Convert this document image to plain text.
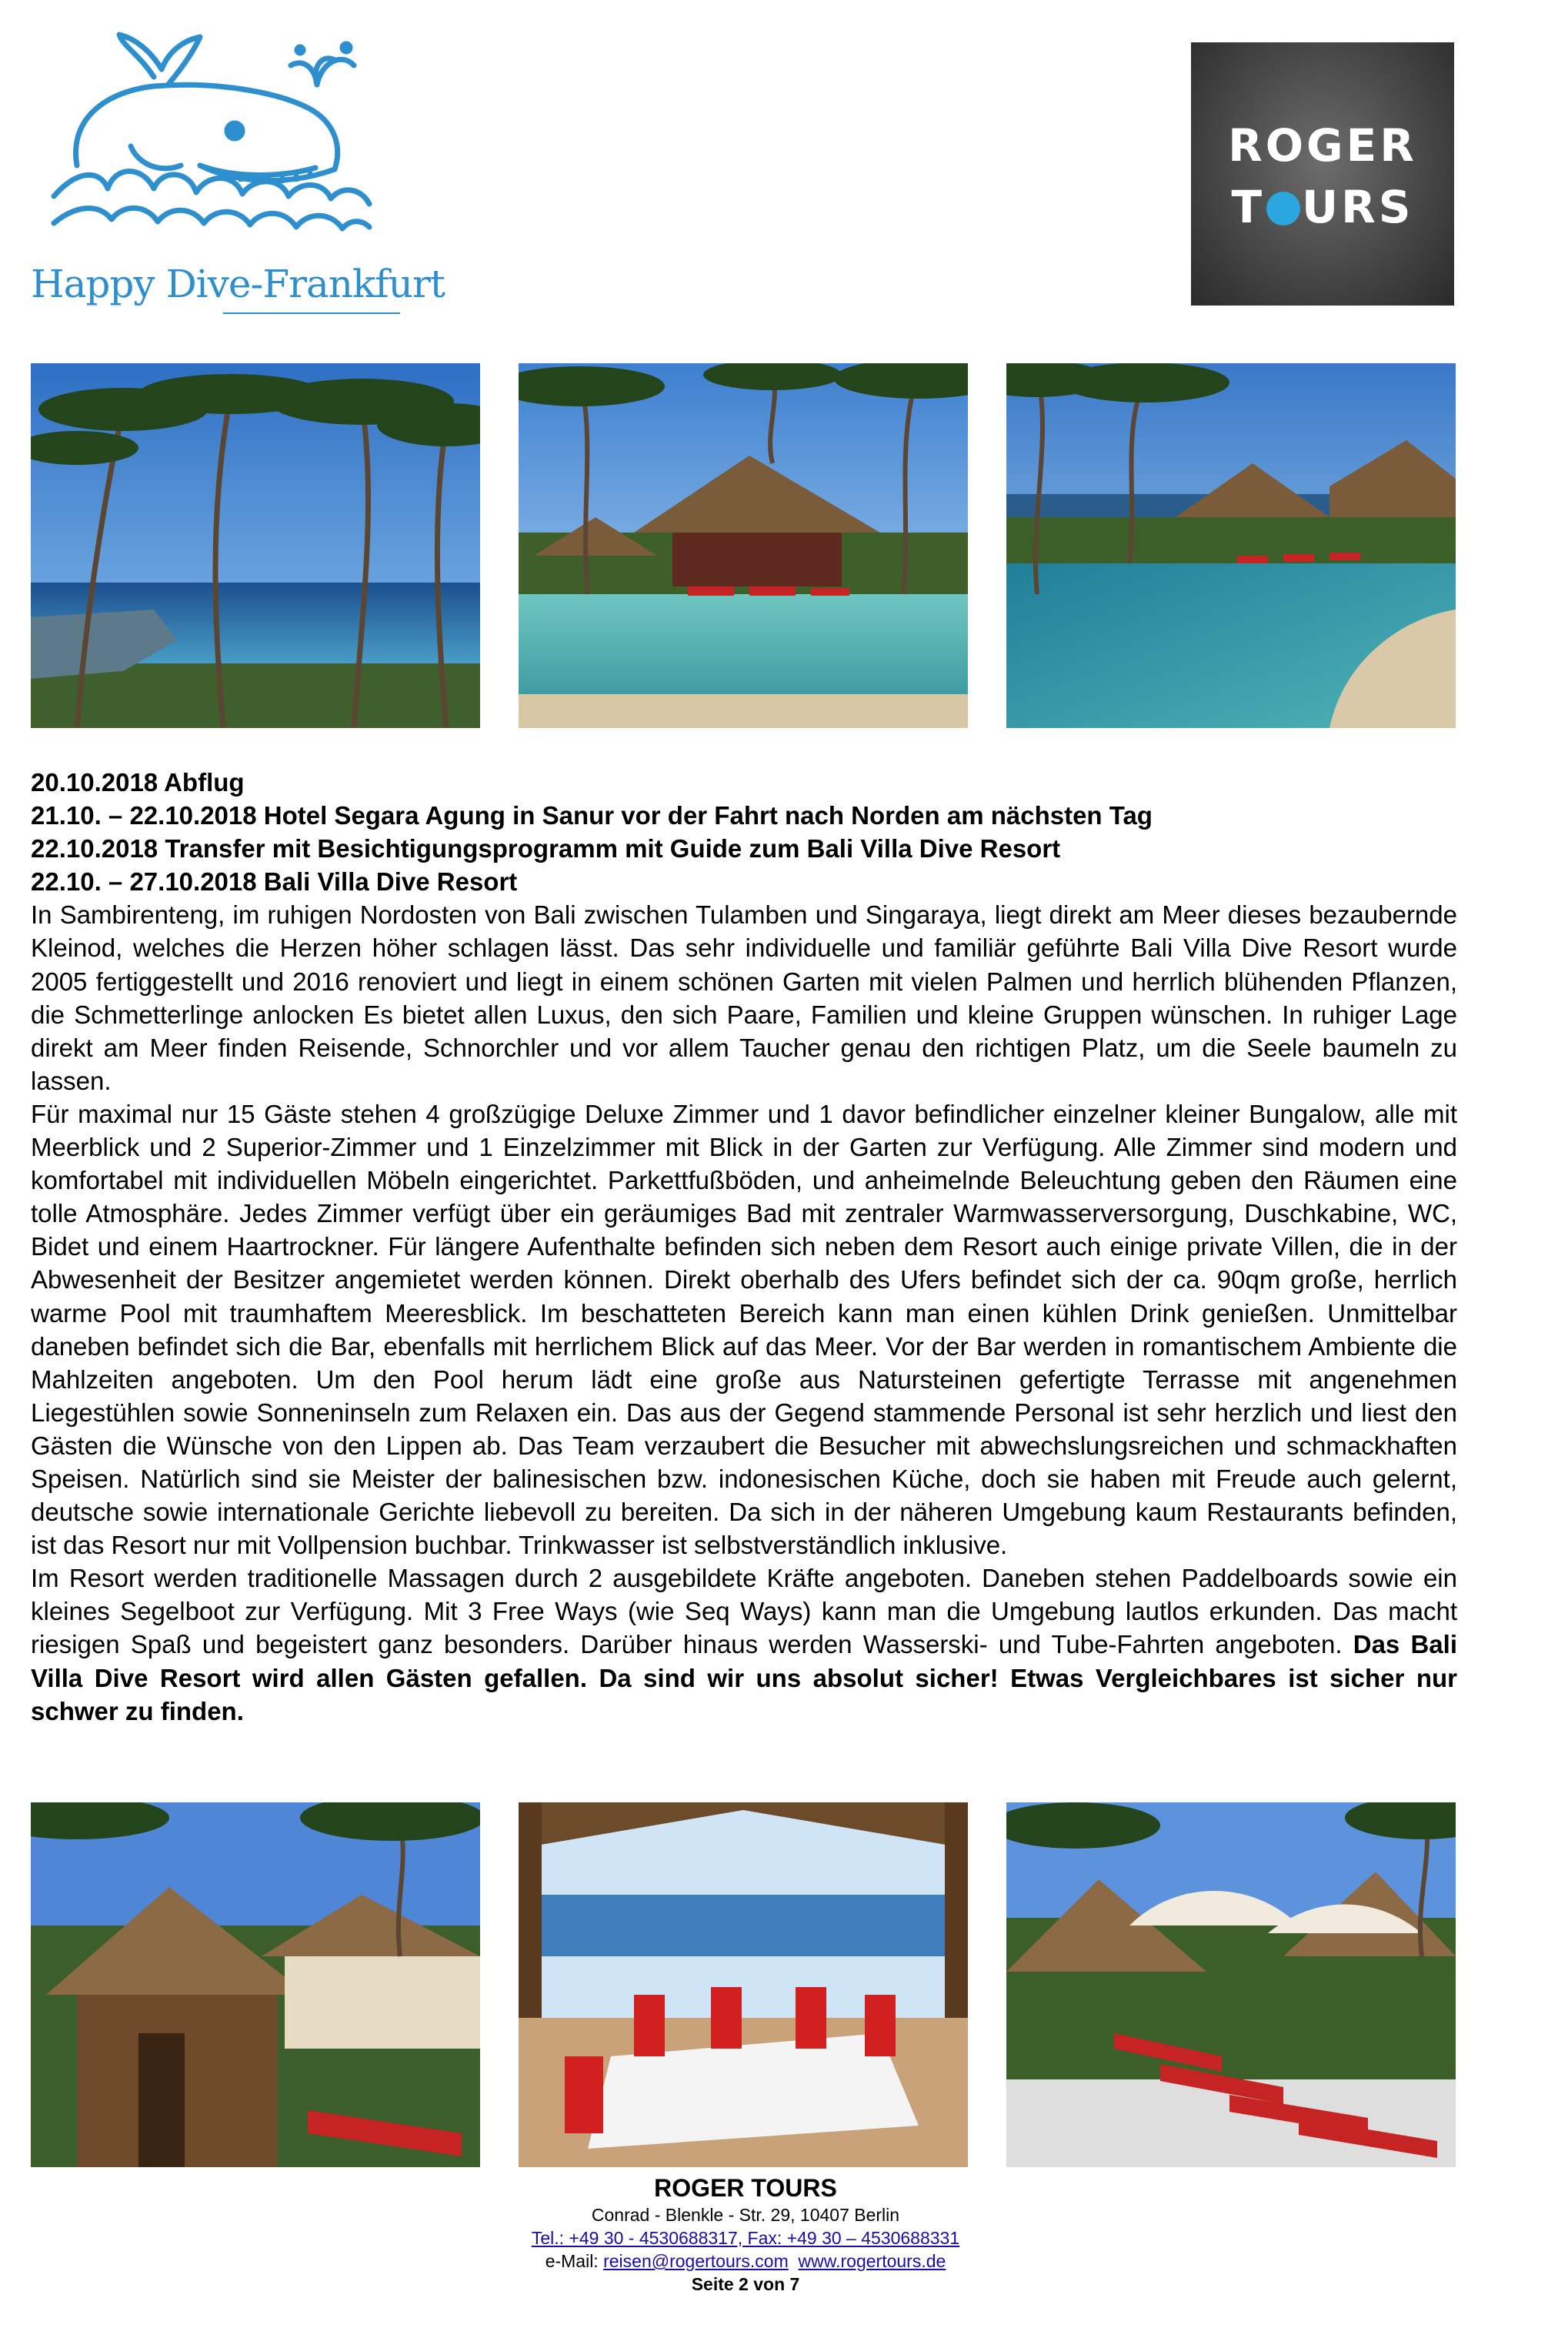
Happy Dive-Frankfurt
ROGER
T URS

20.10.2018 Abflug

21.10. – 22.10.2018 Hotel Segara Agung in Sanur vor der Fahrt nach Norden am nächsten Tag

22.10.2018 Transfer mit Besichtigungsprogramm mit Guide zum Bali Villa Dive Resort

22.10. – 27.10.2018 Bali Villa Dive Resort

In Sambirenteng, im ruhigen Nordosten von Bali zwischen Tulamben und Singaraya, liegt direkt am Meer dieses bezaubernde Kleinod, welches die Herzen höher schlagen lässt. Das sehr individuelle und familiär geführte Bali Villa Dive Resort wurde 2005 fertiggestellt und 2016 renoviert und liegt in einem schönen Garten mit vielen Palmen und herrlich blühenden Pflanzen, die Schmetterlinge anlocken Es bietet allen Luxus, den sich Paare, Familien und kleine Gruppen wünschen. In ruhiger Lage direkt am Meer finden Reisende, Schnorchler und vor allem Taucher genau den richtigen Platz, um die Seele baumeln zu lassen.

Für maximal nur 15 Gäste stehen 4 großzügige Deluxe Zimmer und 1 davor befindlicher einzelner kleiner Bungalow, alle mit Meerblick und 2 Superior-Zimmer und 1 Einzelzimmer mit Blick in der Garten zur Verfügung. Alle Zimmer sind modern und komfortabel mit individuellen Möbeln eingerichtet. Parkettfußböden, und anheimelnde Beleuchtung geben den Räumen eine tolle Atmosphäre. Jedes Zimmer verfügt über ein geräumiges Bad mit zentraler Warmwasserversorgung, Duschkabine, WC, Bidet und einem Haartrockner. Für längere Aufenthalte befinden sich neben dem Resort auch einige private Villen, die in der Abwesenheit der Besitzer angemietet werden können. Direkt oberhalb des Ufers befindet sich der ca. 90qm große, herrlich warme Pool mit traumhaftem Meeresblick. Im beschatteten Bereich kann man einen kühlen Drink genießen. Unmittelbar daneben befindet sich die Bar, ebenfalls mit herrlichem Blick auf das Meer. Vor der Bar werden in romantischem Ambiente die Mahlzeiten angeboten. Um den Pool herum lädt eine große aus Natursteinen gefertigte Terrasse mit angenehmen Liegestühlen sowie Sonneninseln zum Relaxen ein. Das aus der Gegend stammende Personal ist sehr herzlich und liest den Gästen die Wünsche von den Lippen ab. Das Team verzaubert die Besucher mit abwechslungsreichen und schmackhaften Speisen. Natürlich sind sie Meister der balinesischen bzw. indonesischen Küche, doch sie haben mit Freude auch gelernt, deutsche sowie internationale Gerichte liebevoll zu bereiten. Da sich in der näheren Umgebung kaum Restaurants befinden, ist das Resort nur mit Vollpension buchbar. Trinkwasser ist selbstverständlich inklusive.

Im Resort werden traditionelle Massagen durch 2 ausgebildete Kräfte angeboten. Daneben stehen Paddelboards sowie ein kleines Segelboot zur Verfügung. Mit 3 Free Ways (wie Seq Ways) kann man die Umgebung lautlos erkunden. Das macht riesigen Spaß und begeistert ganz besonders. Darüber hinaus werden Wasserski- und Tube-Fahrten angeboten. Das Bali Villa Dive Resort wird allen Gästen gefallen. Da sind wir uns absolut sicher! Etwas Vergleichbares ist sicher nur schwer zu finden.

ROGER TOURS
Conrad - Blenkle - Str. 29, 10407 Berlin
Tel.: +49 30 - 4530688317, Fax: +49 30 – 4530688331
e-Mail: reisen@rogertours.com www.rogertours.de
Seite 2 von 7
